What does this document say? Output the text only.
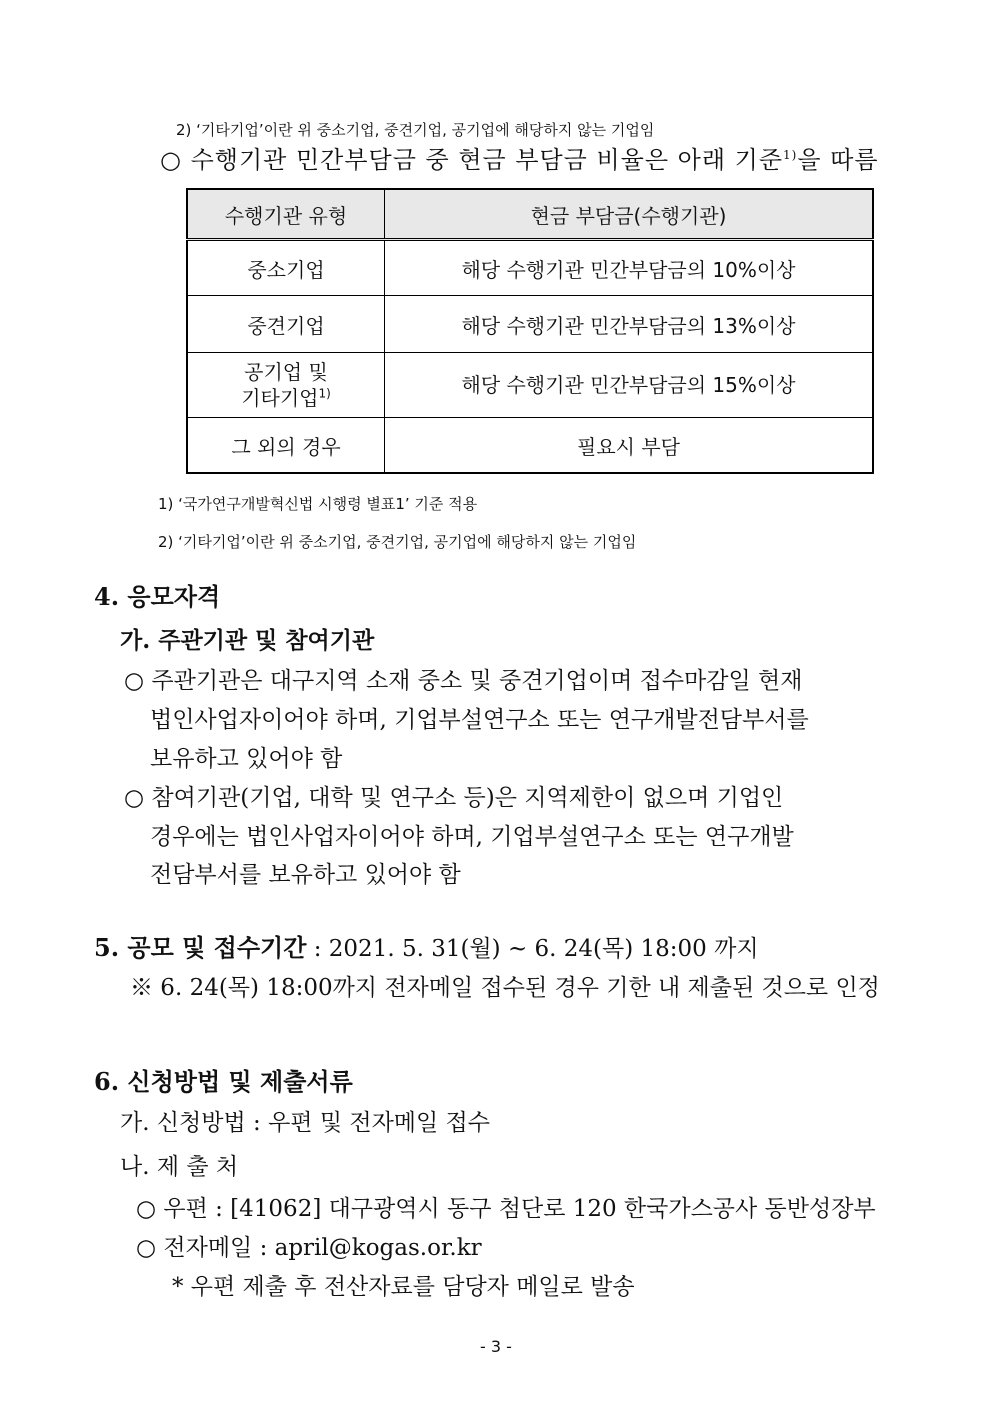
2) ‘기타기업’이란 위 중소기업, 중견기업, 공기업에 해당하지 않는 기업임
○ 수행기관 민간부담금 중 현금 부담금 비율은 아래 기준$^{1)}$을 따름
수행기관 유형	현금 부담금(수행기관)
중소기업	해당 수행기관 민간부담금의 10%이상
중견기업	해당 수행기관 민간부담금의 13%이상
공기업 및
기타기업$^{1)}$	해당 수행기관 민간부담금의 15%이상
그 외의 경우	필요시 부담
1) ‘국가연구개발혁신법 시행령 별표1’ 기준 적용
2) ‘기타기업’이란 위 중소기업, 중견기업, 공기업에 해당하지 않는 기업임
4. 응모자격
가. 주관기관 및 참여기관
○ 주관기관은 대구지역 소재 중소 및 중견기업이며 접수마감일 현재
법인사업자이어야 하며, 기업부설연구소 또는 연구개발전담부서를
보유하고 있어야 함
○ 참여기관(기업, 대학 및 연구소 등)은 지역제한이 없으며 기업인
경우에는 법인사업자이어야 하며, 기업부설연구소 또는 연구개발
전담부서를 보유하고 있어야 함
5. 공모 및 접수기간 : 2021. 5. 31(월) ~ 6. 24(목) 18:00 까지
※ 6. 24(목) 18:00까지 전자메일 접수된 경우 기한 내 제출된 것으로 인정
6. 신청방법 및 제출서류
가. 신청방법 : 우편 및 전자메일 접수
나. 제 출 처
○ 우편 : [41062] 대구광역시 동구 첨단로 120 한국가스공사 동반성장부
○ 전자메일 : april@kogas.or.kr
* 우편 제출 후 전산자료를 담당자 메일로 발송
- 3 -
